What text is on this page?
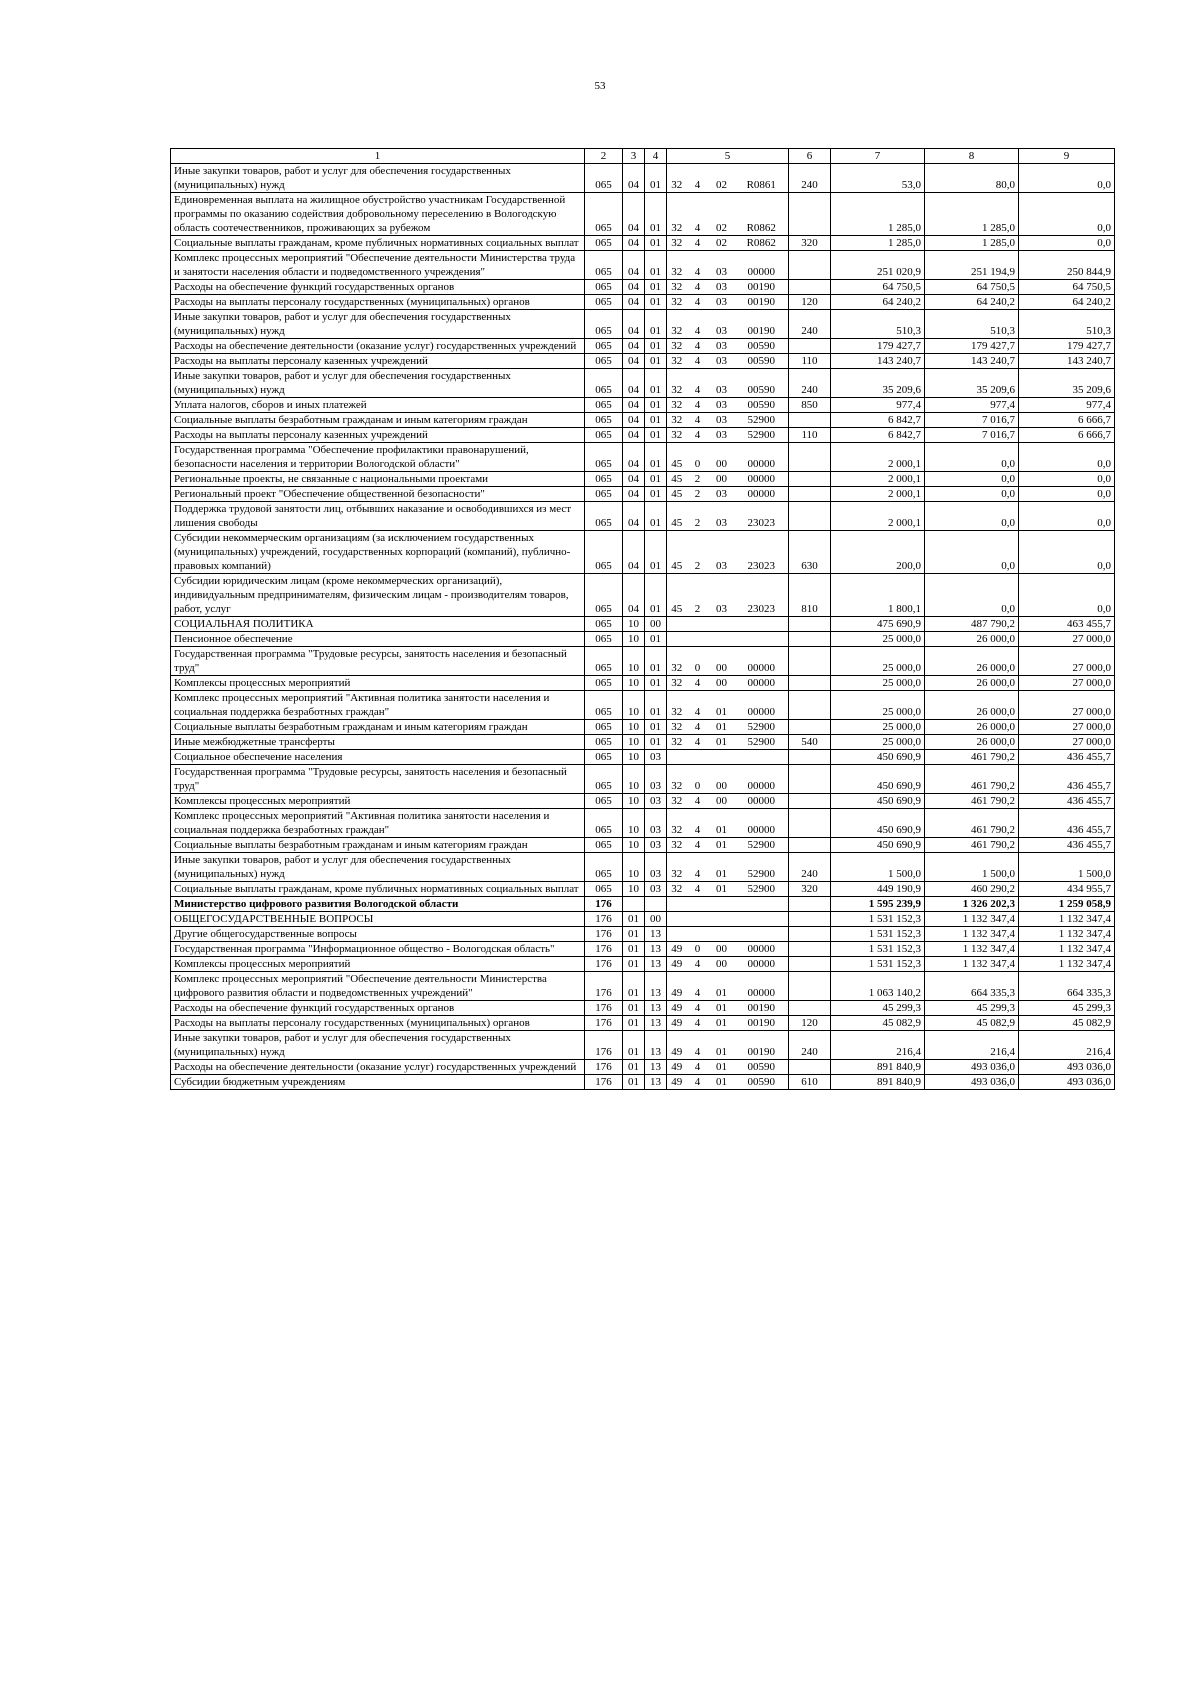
53
1	2	3	4	5				6	7	8	9
Иные закупки товаров, работ и услуг для обеспечения государственных (муниципальных) нужд	065	04	01	32	4	02	R0861	240	53,0	80,0	0,0
Единовременная выплата на жилищное обустройство участникам Государственной программы по оказанию содействия добровольному переселению в Вологодскую область соотечественников, проживающих за рубежом	065	04	01	32	4	02	R0862		1 285,0	1 285,0	0,0
Социальные выплаты гражданам, кроме публичных нормативных социальных выплат	065	04	01	32	4	02	R0862	320	1 285,0	1 285,0	0,0
Комплекс процессных мероприятий "Обеспечение деятельности Министерства труда и занятости населения области и подведомственного учреждения"	065	04	01	32	4	03	00000		251 020,9	251 194,9	250 844,9
Расходы на обеспечение функций государственных органов	065	04	01	32	4	03	00190		64 750,5	64 750,5	64 750,5
Расходы на выплаты персоналу государственных (муниципальных) органов	065	04	01	32	4	03	00190	120	64 240,2	64 240,2	64 240,2
Иные закупки товаров, работ и услуг для обеспечения государственных (муниципальных) нужд	065	04	01	32	4	03	00190	240	510,3	510,3	510,3
Расходы на обеспечение деятельности (оказание услуг) государственных учреждений	065	04	01	32	4	03	00590		179 427,7	179 427,7	179 427,7
Расходы на выплаты персоналу казенных учреждений	065	04	01	32	4	03	00590	110	143 240,7	143 240,7	143 240,7
Иные закупки товаров, работ и услуг для обеспечения государственных (муниципальных) нужд	065	04	01	32	4	03	00590	240	35 209,6	35 209,6	35 209,6
Уплата налогов, сборов и иных платежей	065	04	01	32	4	03	00590	850	977,4	977,4	977,4
Социальные выплаты безработным гражданам и иным категориям граждан	065	04	01	32	4	03	52900		6 842,7	7 016,7	6 666,7
Расходы на выплаты персоналу казенных учреждений	065	04	01	32	4	03	52900	110	6 842,7	7 016,7	6 666,7
Государственная программа "Обеспечение профилактики правонарушений, безопасности населения и территории Вологодской области"	065	04	01	45	0	00	00000		2 000,1	0,0	0,0
Региональные проекты, не связанные с национальными проектами	065	04	01	45	2	00	00000		2 000,1	0,0	0,0
Региональный проект "Обеспечение общественной безопасности"	065	04	01	45	2	03	00000		2 000,1	0,0	0,0
Поддержка трудовой занятости лиц, отбывших наказание и освободившихся из мест лишения свободы	065	04	01	45	2	03	23023		2 000,1	0,0	0,0
Субсидии некоммерческим организациям (за исключением государственных (муниципальных) учреждений, государственных корпораций (компаний), публично-правовых компаний)	065	04	01	45	2	03	23023	630	200,0	0,0	0,0
Субсидии юридическим лицам (кроме некоммерческих организаций), индивидуальным предпринимателям, физическим лицам - производителям товаров, работ, услуг	065	04	01	45	2	03	23023	810	1 800,1	0,0	0,0
СОЦИАЛЬНАЯ ПОЛИТИКА	065	10	00						475 690,9	487 790,2	463 455,7
Пенсионное обеспечение	065	10	01						25 000,0	26 000,0	27 000,0
Государственная программа "Трудовые ресурсы, занятость населения и безопасный труд"	065	10	01	32	0	00	00000		25 000,0	26 000,0	27 000,0
Комплексы процессных мероприятий	065	10	01	32	4	00	00000		25 000,0	26 000,0	27 000,0
Комплекс процессных мероприятий "Активная политика занятости населения и социальная поддержка безработных граждан"	065	10	01	32	4	01	00000		25 000,0	26 000,0	27 000,0
Социальные выплаты безработным гражданам и иным категориям граждан	065	10	01	32	4	01	52900		25 000,0	26 000,0	27 000,0
Иные межбюджетные трансферты	065	10	01	32	4	01	52900	540	25 000,0	26 000,0	27 000,0
Социальное обеспечение населения	065	10	03						450 690,9	461 790,2	436 455,7
Государственная программа "Трудовые ресурсы, занятость населения и безопасный труд"	065	10	03	32	0	00	00000		450 690,9	461 790,2	436 455,7
Комплексы процессных мероприятий	065	10	03	32	4	00	00000		450 690,9	461 790,2	436 455,7
Комплекс процессных мероприятий "Активная политика занятости населения и социальная поддержка безработных граждан"	065	10	03	32	4	01	00000		450 690,9	461 790,2	436 455,7
Социальные выплаты безработным гражданам и иным категориям граждан	065	10	03	32	4	01	52900		450 690,9	461 790,2	436 455,7
Иные закупки товаров, работ и услуг для обеспечения государственных (муниципальных) нужд	065	10	03	32	4	01	52900	240	1 500,0	1 500,0	1 500,0
Социальные выплаты гражданам, кроме публичных нормативных социальных выплат	065	10	03	32	4	01	52900	320	449 190,9	460 290,2	434 955,7
Министерство цифрового развития Вологодской области	176								1 595 239,9	1 326 202,3	1 259 058,9
ОБЩЕГОСУДАРСТВЕННЫЕ ВОПРОСЫ	176	01	00						1 531 152,3	1 132 347,4	1 132 347,4
Другие общегосударственные вопросы	176	01	13						1 531 152,3	1 132 347,4	1 132 347,4
Государственная программа "Информационное общество - Вологодская область"	176	01	13	49	0	00	00000		1 531 152,3	1 132 347,4	1 132 347,4
Комплексы процессных мероприятий	176	01	13	49	4	00	00000		1 531 152,3	1 132 347,4	1 132 347,4
Комплекс процессных мероприятий "Обеспечение деятельности Министерства цифрового развития области и подведомственных учреждений"	176	01	13	49	4	01	00000		1 063 140,2	664 335,3	664 335,3
Расходы на обеспечение функций государственных органов	176	01	13	49	4	01	00190		45 299,3	45 299,3	45 299,3
Расходы на выплаты персоналу государственных (муниципальных) органов	176	01	13	49	4	01	00190	120	45 082,9	45 082,9	45 082,9
Иные закупки товаров, работ и услуг для обеспечения государственных (муниципальных) нужд	176	01	13	49	4	01	00190	240	216,4	216,4	216,4
Расходы на обеспечение деятельности (оказание услуг) государственных учреждений	176	01	13	49	4	01	00590		891 840,9	493 036,0	493 036,0
Субсидии бюджетным учреждениям	176	01	13	49	4	01	00590	610	891 840,9	493 036,0	493 036,0
